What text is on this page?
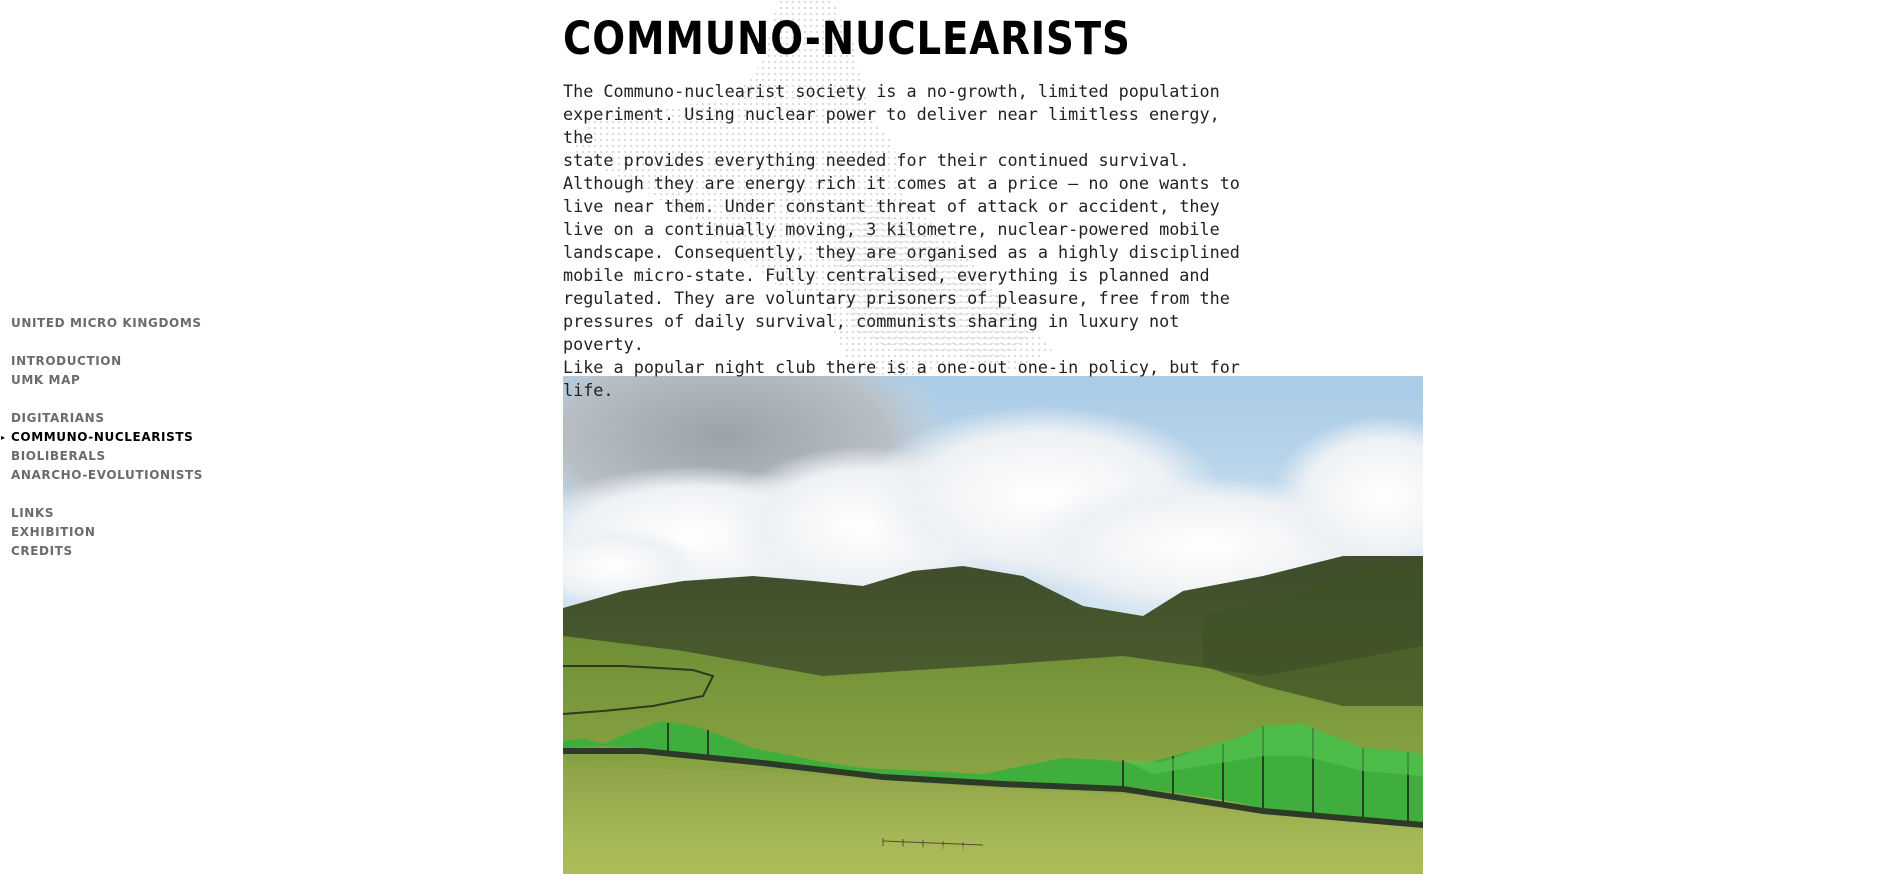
UNITED MICRO KINGDOMS
INTRODUCTION
UMK MAP
DIGITARIANS
▸ COMMUNO-NUCLEARISTS
BIOLIBERALS
ANARCHO-EVOLUTIONISTS
LINKS
EXHIBITION
CREDITS
COMMUNO-NUCLEARISTS

The Communo-nuclearist society is a no-growth, limited population
experiment. Using nuclear power to deliver near limitless energy, the
state provides everything needed for their continued survival.
Although they are energy rich it comes at a price — no one wants to
live near them. Under constant threat of attack or accident, they
live on a continually moving, 3 kilometre, nuclear-powered mobile
landscape. Consequently, they are organised as a highly disciplined
mobile micro-state. Fully centralised, everything is planned and
regulated. They are voluntary prisoners of pleasure, free from the
pressures of daily survival, communists sharing in luxury not poverty.
Like a popular night club there is a one-out one-in policy, but for
life.
